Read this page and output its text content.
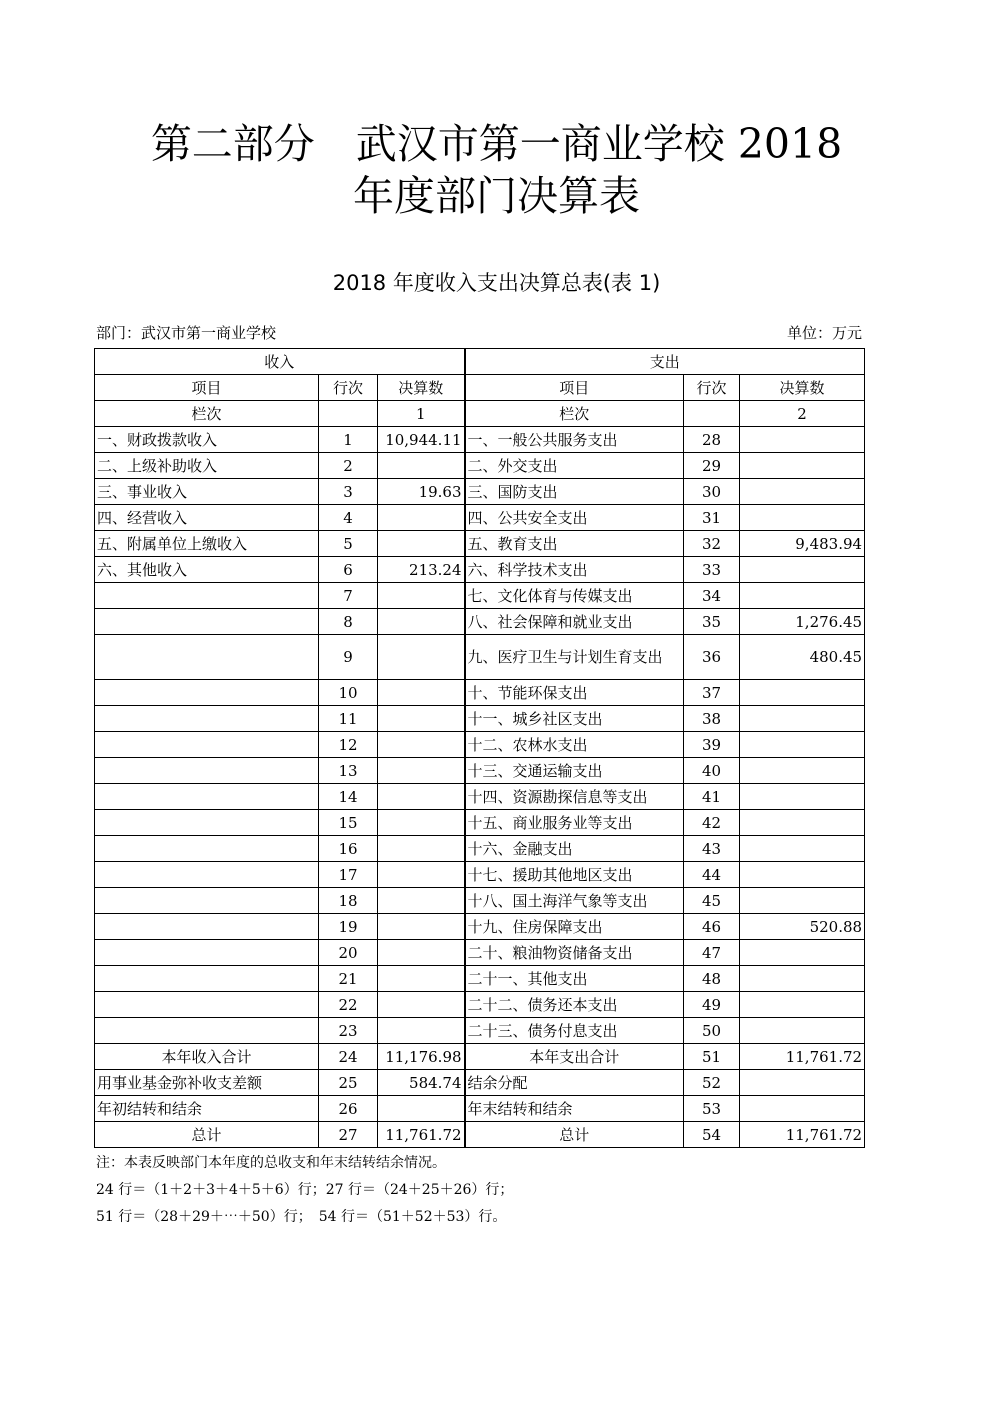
第二部分　武汉市第一商业学校 2018
年度部门决算表
2018 年度收入支出决算总表(表 1)
部门：武汉市第一商业学校	单位：万元
收入			支出		
项目	行次	决算数	项目	行次	决算数
栏次		1	栏次		2
一、财政拨款收入	1	10,944.11	一、一般公共服务支出	28	
二、上级补助收入	2		二、外交支出	29	
三、事业收入	3	19.63	三、国防支出	30	
四、经营收入	4		四、公共安全支出	31	
五、附属单位上缴收入	5		五、教育支出	32	9,483.94
六、其他收入	6	213.24	六、科学技术支出	33	
	7		七、文化体育与传媒支出	34	
	8		八、社会保障和就业支出	35	1,276.45
	9		九、医疗卫生与计划生育支出	36	480.45
	10		十、节能环保支出	37	
	11		十一、城乡社区支出	38	
	12		十二、农林水支出	39	
	13		十三、交通运输支出	40	
	14		十四、资源勘探信息等支出	41	
	15		十五、商业服务业等支出	42	
	16		十六、金融支出	43	
	17		十七、援助其他地区支出	44	
	18		十八、国土海洋气象等支出	45	
	19		十九、住房保障支出	46	520.88
	20		二十、粮油物资储备支出	47	
	21		二十一、其他支出	48	
	22		二十二、债务还本支出	49	
	23		二十三、债务付息支出	50	
本年收入合计	24	11,176.98	本年支出合计	51	11,761.72
用事业基金弥补收支差额	25	584.74	结余分配	52	
年初结转和结余	26		年末结转和结余	53	
总计	27	11,761.72	总计	54	11,761.72
注：本表反映部门本年度的总收支和年末结转结余情况。
24 行＝（1＋2＋3＋4＋5＋6）行；27 行＝（24＋25＋26）行；
51 行＝（28＋29＋⋯＋50）行；　54 行＝（51＋52＋53）行。
